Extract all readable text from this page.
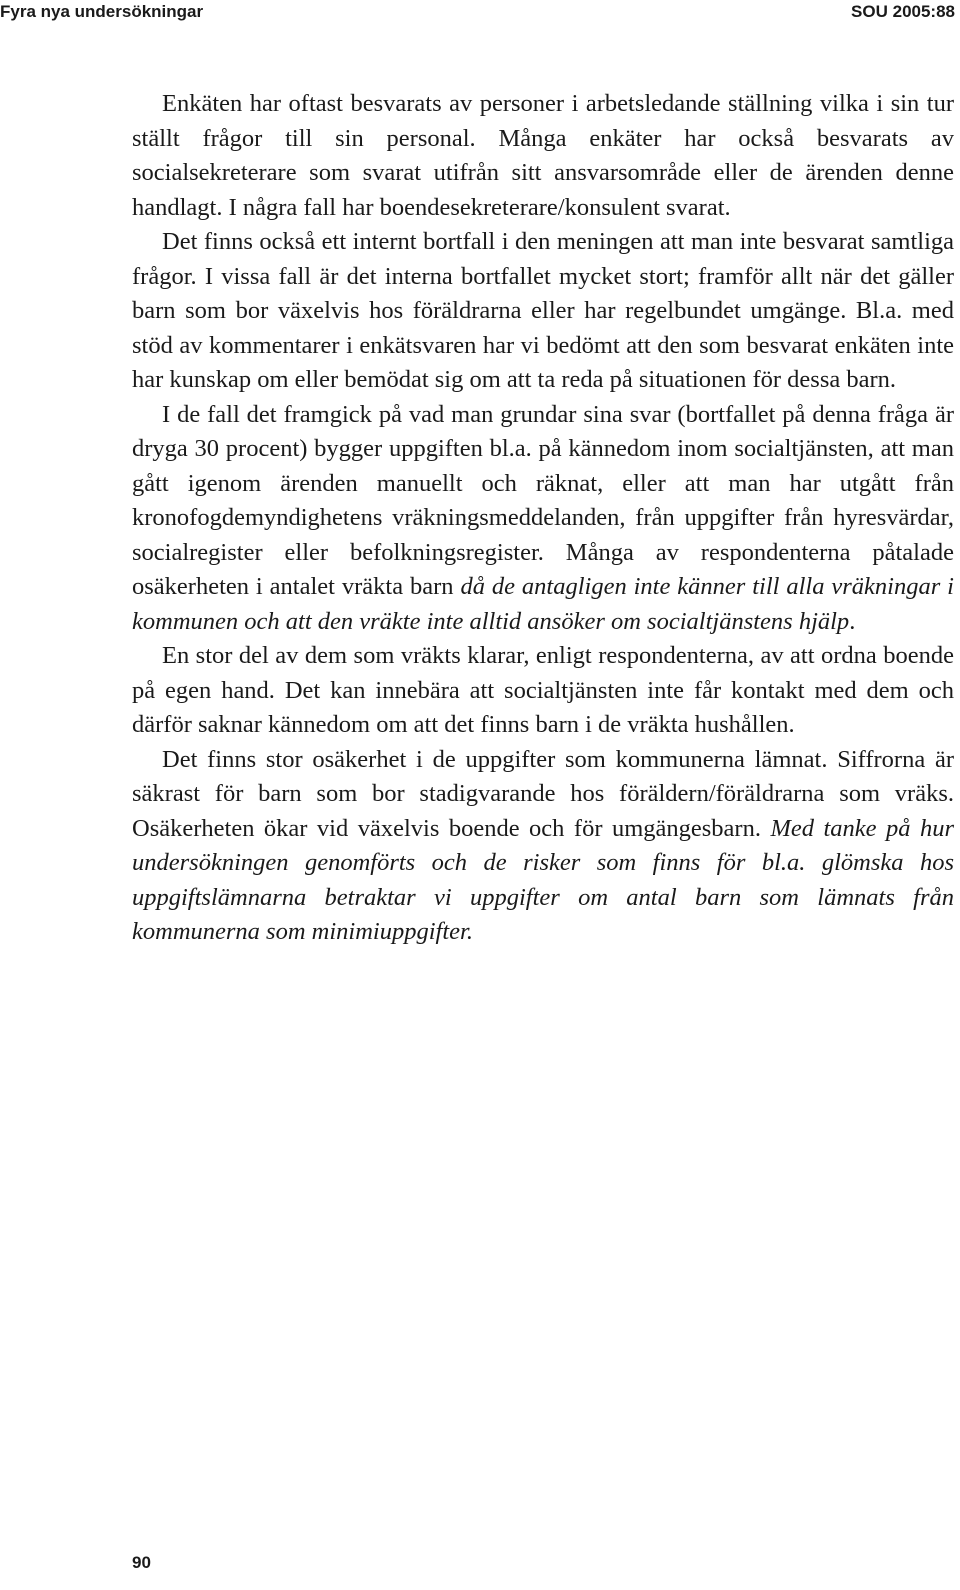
Fyra nya undersökningar	SOU 2005:88

Enkäten har oftast besvarats av personer i arbetsledande ställning vilka i sin tur ställt frågor till sin personal. Många enkäter har också besvarats av socialsekreterare som svarat utifrån sitt ansvarsområde eller de ärenden denne handlagt. I några fall har boendesekreterare/konsulent svarat.

Det finns också ett internt bortfall i den meningen att man inte besvarat samtliga frågor. I vissa fall är det interna bortfallet mycket stort; framför allt när det gäller barn som bor växelvis hos föräldrarna eller har regelbundet umgänge. Bl.a. med stöd av kommentarer i enkätsvaren har vi bedömt att den som besvarat enkäten inte har kunskap om eller bemödat sig om att ta reda på situationen för dessa barn.

I de fall det framgick på vad man grundar sina svar (bortfallet på denna fråga är dryga 30 procent) bygger uppgiften bl.a. på kännedom inom socialtjänsten, att man gått igenom ärenden manuellt och räknat, eller att man har utgått från kronofogdemyndighetens vräkningsmeddelanden, från uppgifter från hyresvärdar, socialregister eller befolkningsregister. Många av respondenterna påtalade osäkerheten i antalet vräkta barn då de antagligen inte känner till alla vräkningar i kommunen och att den vräkte inte alltid ansöker om socialtjänstens hjälp.

En stor del av dem som vräkts klarar, enligt respondenterna, av att ordna boende på egen hand. Det kan innebära att socialtjänsten inte får kontakt med dem och därför saknar kännedom om att det finns barn i de vräkta hushållen.

Det finns stor osäkerhet i de uppgifter som kommunerna lämnat. Siffrorna är säkrast för barn som bor stadigvarande hos föräldern/föräldrarna som vräks. Osäkerheten ökar vid växelvis boende och för umgängesbarn. Med tanke på hur undersökningen genomförts och de risker som finns för bl.a. glömska hos uppgiftslämnarna betraktar vi uppgifter om antal barn som lämnats från kommunerna som minimiuppgifter.

90
